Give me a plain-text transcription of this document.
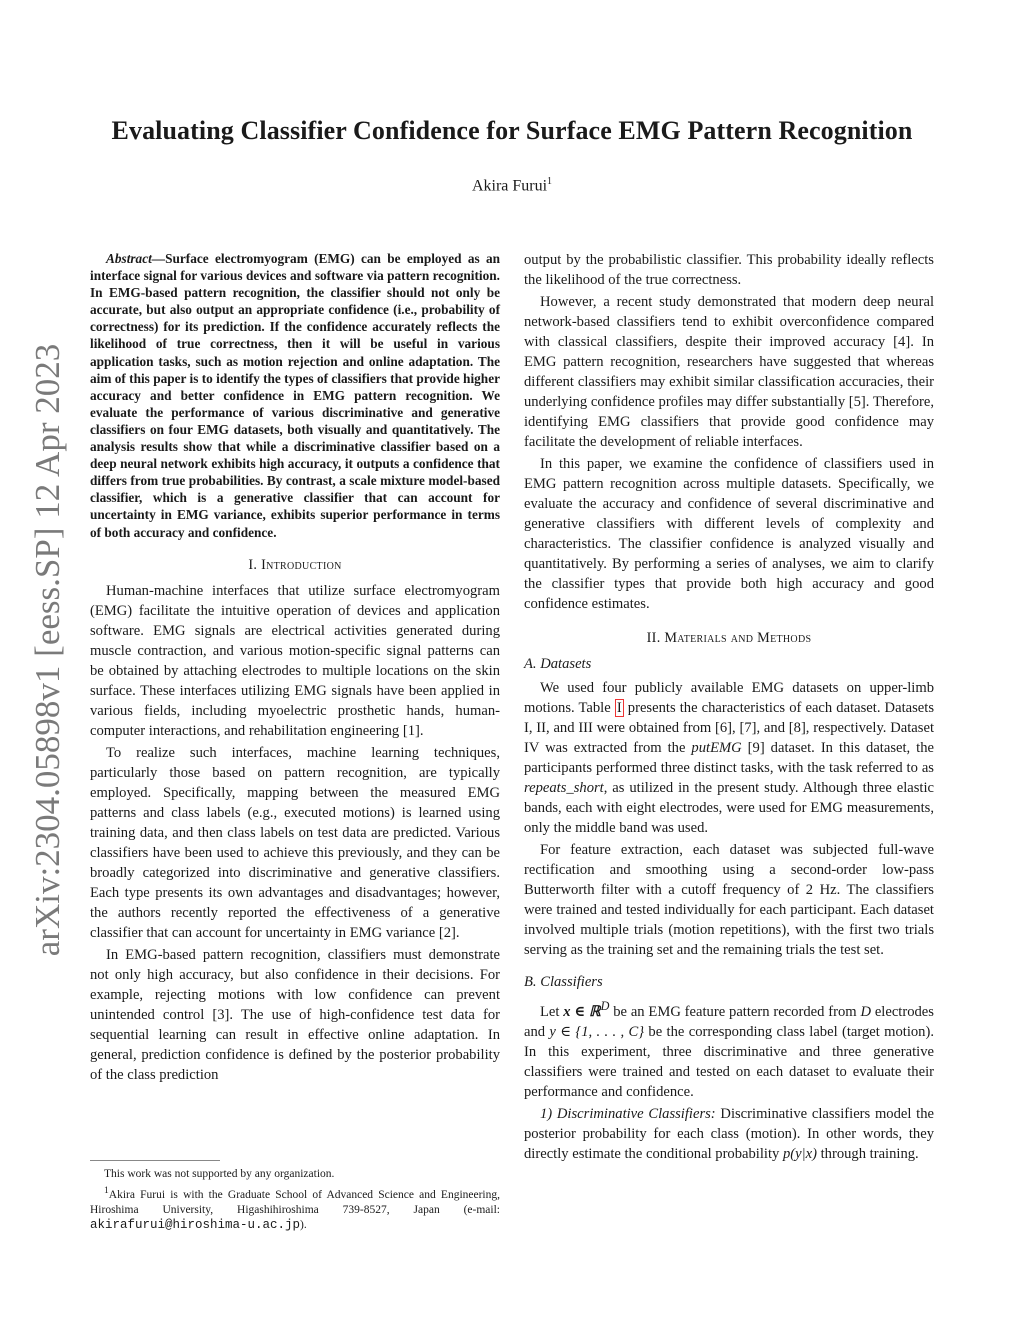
Evaluating Classifier Confidence for Surface EMG Pattern Recognition
Akira Furui$^1$
arXiv:2304.05898v1 [eess.SP] 12 Apr 2023

Abstract—Surface electromyogram (EMG) can be employed as an interface signal for various devices and software via pattern recognition. In EMG-based pattern recognition, the classifier should not only be accurate, but also output an appropriate confidence (i.e., probability of correctness) for its prediction. If the confidence accurately reflects the likelihood of true correctness, then it will be useful in various application tasks, such as motion rejection and online adaptation. The aim of this paper is to identify the types of classifiers that provide higher accuracy and better confidence in EMG pattern recognition. We evaluate the performance of various discriminative and generative classifiers on four EMG datasets, both visually and quantitatively. The analysis results show that while a discriminative classifier based on a deep neural network exhibits high accuracy, it outputs a confidence that differs from true probabilities. By contrast, a scale mixture model-based classifier, which is a generative classifier that can account for uncertainty in EMG variance, exhibits superior performance in terms of both accuracy and confidence.

I. Introduction

Human-machine interfaces that utilize surface electromyogram (EMG) facilitate the intuitive operation of devices and application software. EMG signals are electrical activities generated during muscle contraction, and various motion-specific signal patterns can be obtained by attaching electrodes to multiple locations on the skin surface. These interfaces utilizing EMG signals have been applied in various fields, including myoelectric prosthetic hands, human-computer interactions, and rehabilitation engineering [1].

To realize such interfaces, machine learning techniques, particularly those based on pattern recognition, are typically employed. Specifically, mapping between the measured EMG patterns and class labels (e.g., executed motions) is learned using training data, and then class labels on test data are predicted. Various classifiers have been used to achieve this previously, and they can be broadly categorized into discriminative and generative classifiers. Each type presents its own advantages and disadvantages; however, the authors recently reported the effectiveness of a generative classifier that can account for uncertainty in EMG variance [2].

In EMG-based pattern recognition, classifiers must demonstrate not only high accuracy, but also confidence in their decisions. For example, rejecting motions with low confidence can prevent unintended control [3]. The use of high-confidence test data for sequential learning can result in effective online adaptation. In general, prediction confidence is defined by the posterior probability of the class prediction

This work was not supported by any organization.

$^1$Akira Furui is with the Graduate School of Advanced Science and Engineering, Hiroshima University, Higashihiroshima 739-8527, Japan (e-mail: akirafurui@hiroshima-u.ac.jp).

output by the probabilistic classifier. This probability ideally reflects the likelihood of the true correctness.

However, a recent study demonstrated that modern deep neural network-based classifiers tend to exhibit overconfidence compared with classical classifiers, despite their improved accuracy [4]. In EMG pattern recognition, researchers have suggested that whereas different classifiers may exhibit similar classification accuracies, their underlying confidence profiles may differ substantially [5]. Therefore, identifying EMG classifiers that provide good confidence may facilitate the development of reliable interfaces.

In this paper, we examine the confidence of classifiers used in EMG pattern recognition across multiple datasets. Specifically, we evaluate the accuracy and confidence of several discriminative and generative classifiers with different levels of complexity and characteristics. The classifier confidence is analyzed visually and quantitatively. By performing a series of analyses, we aim to clarify the classifier types that provide both high accuracy and good confidence estimates.

II. Materials and Methods
A. Datasets

We used four publicly available EMG datasets on upper-limb motions. Table I presents the characteristics of each dataset. Datasets I, II, and III were obtained from [6], [7], and [8], respectively. Dataset IV was extracted from the putEMG [9] dataset. In this dataset, the participants performed three distinct tasks, with the task referred to as repeats_short, as utilized in the present study. Although three elastic bands, each with eight electrodes, were used for EMG measurements, only the middle band was used.

For feature extraction, each dataset was subjected full-wave rectification and smoothing using a second-order low-pass Butterworth filter with a cutoff frequency of 2 Hz. The classifiers were trained and tested individually for each participant. Each dataset involved multiple trials (motion repetitions), with the first two trials serving as the training set and the remaining trials the test set.

B. Classifiers

Let x ∈ ℝ$^D$ be an EMG feature pattern recorded from D electrodes and y ∈ {1, . . . , C} be the corresponding class label (target motion). In this experiment, three discriminative and three generative classifiers were trained and tested on each dataset to evaluate their performance and confidence.

1) Discriminative Classifiers: Discriminative classifiers model the posterior probability for each class (motion). In other words, they directly estimate the conditional probability p(y|x) through training.
